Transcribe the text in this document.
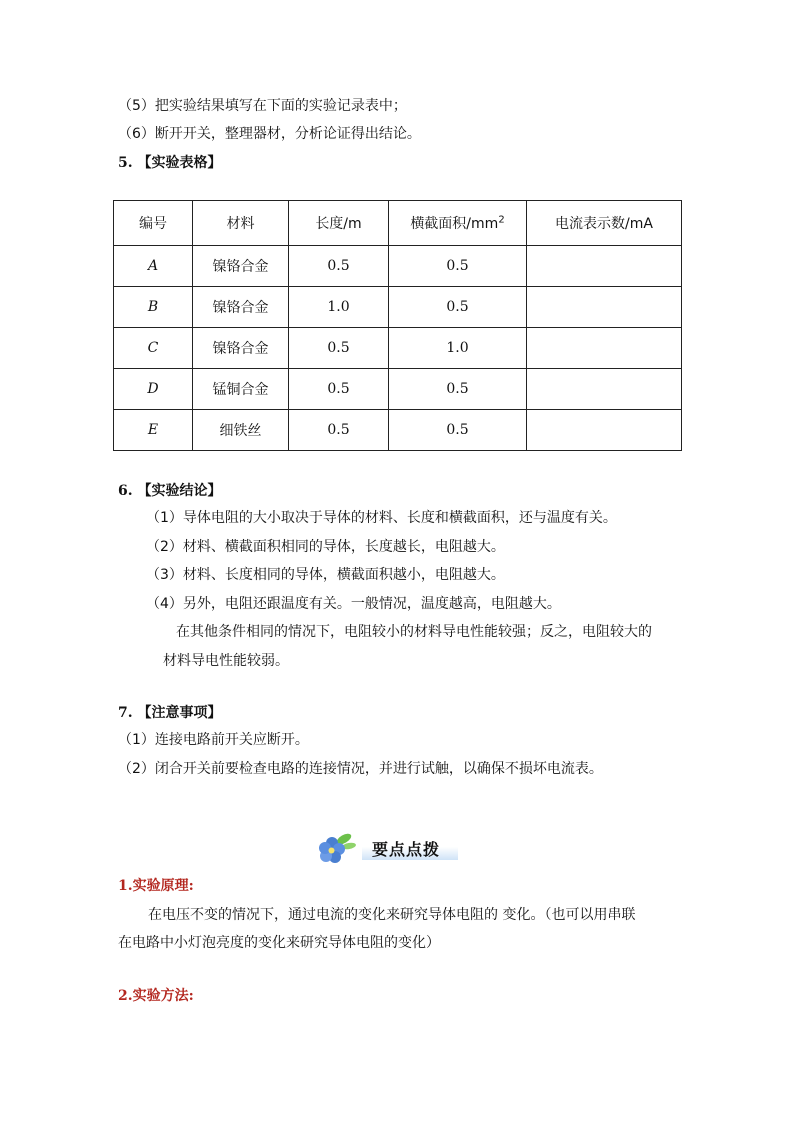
（5）把实验结果填写在下面的实验记录表中；
（6）断开开关，整理器材，分析论证得出结论。
5. 【实验表格】
编号	材料	长度/m	横截面积$/mm^2$	电流表示数/mA
A	镍铬合金	0.5	0.5	
B	镍铬合金	1.0	0.5	
C	镍铬合金	0.5	1.0	
D	锰铜合金	0.5	0.5	
E	细铁丝	0.5	0.5	
6. 【实验结论】
（1）导体电阻的大小取决于导体的材料、长度和横截面积，还与温度有关。
（2）材料、横截面积相同的导体，长度越长，电阻越大。
（3）材料、长度相同的导体，横截面积越小，电阻越大。
（4）另外，电阻还跟温度有关。一般情况，温度越高，电阻越大。
在其他条件相同的情况下，电阻较小的材料导电性能较强；反之，电阻较大的
材料导电性能较弱。
7. 【注意事项】
（1）连接电路前开关应断开。
（2）闭合开关前要检查电路的连接情况，并进行试触，以确保不损坏电流表。
要点点拨
1.实验原理:
在电压不变的情况下，通过电流的变化来研究导体电阻的 变化。（也可以用串联
在电路中小灯泡亮度的变化来研究导体电阻的变化）
2.实验方法:
